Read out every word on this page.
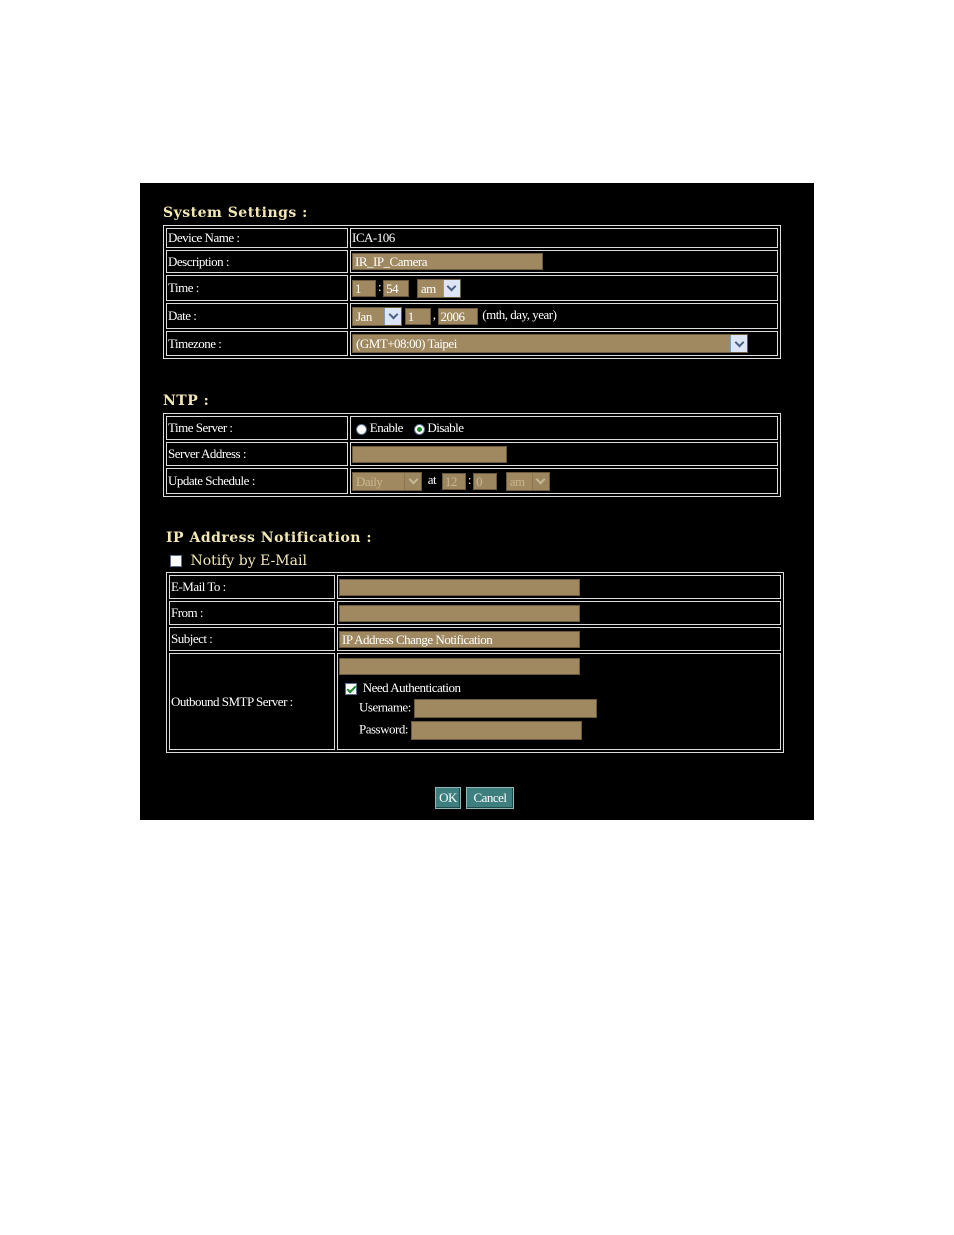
System Settings :
Device Name :	ICA-106
Description :	IR_IP_Camera
Time :	1 : 54 am

Date :	Jan 1 , 2006 (mth, day, year)
Timezone :	(GMT+08:00) Taipei
NTP :
Time Server :	Enable Disable
Server Address :	
Update Schedule :	Daily at 12 : 0 am
IP Address Notification :
Notify by E-Mail
E-Mail To :	
From :	
Subject :	IP Address Change Notification
Outbound SMTP Server :	Need Authentication
Username:
Password:
OK	Cancel
